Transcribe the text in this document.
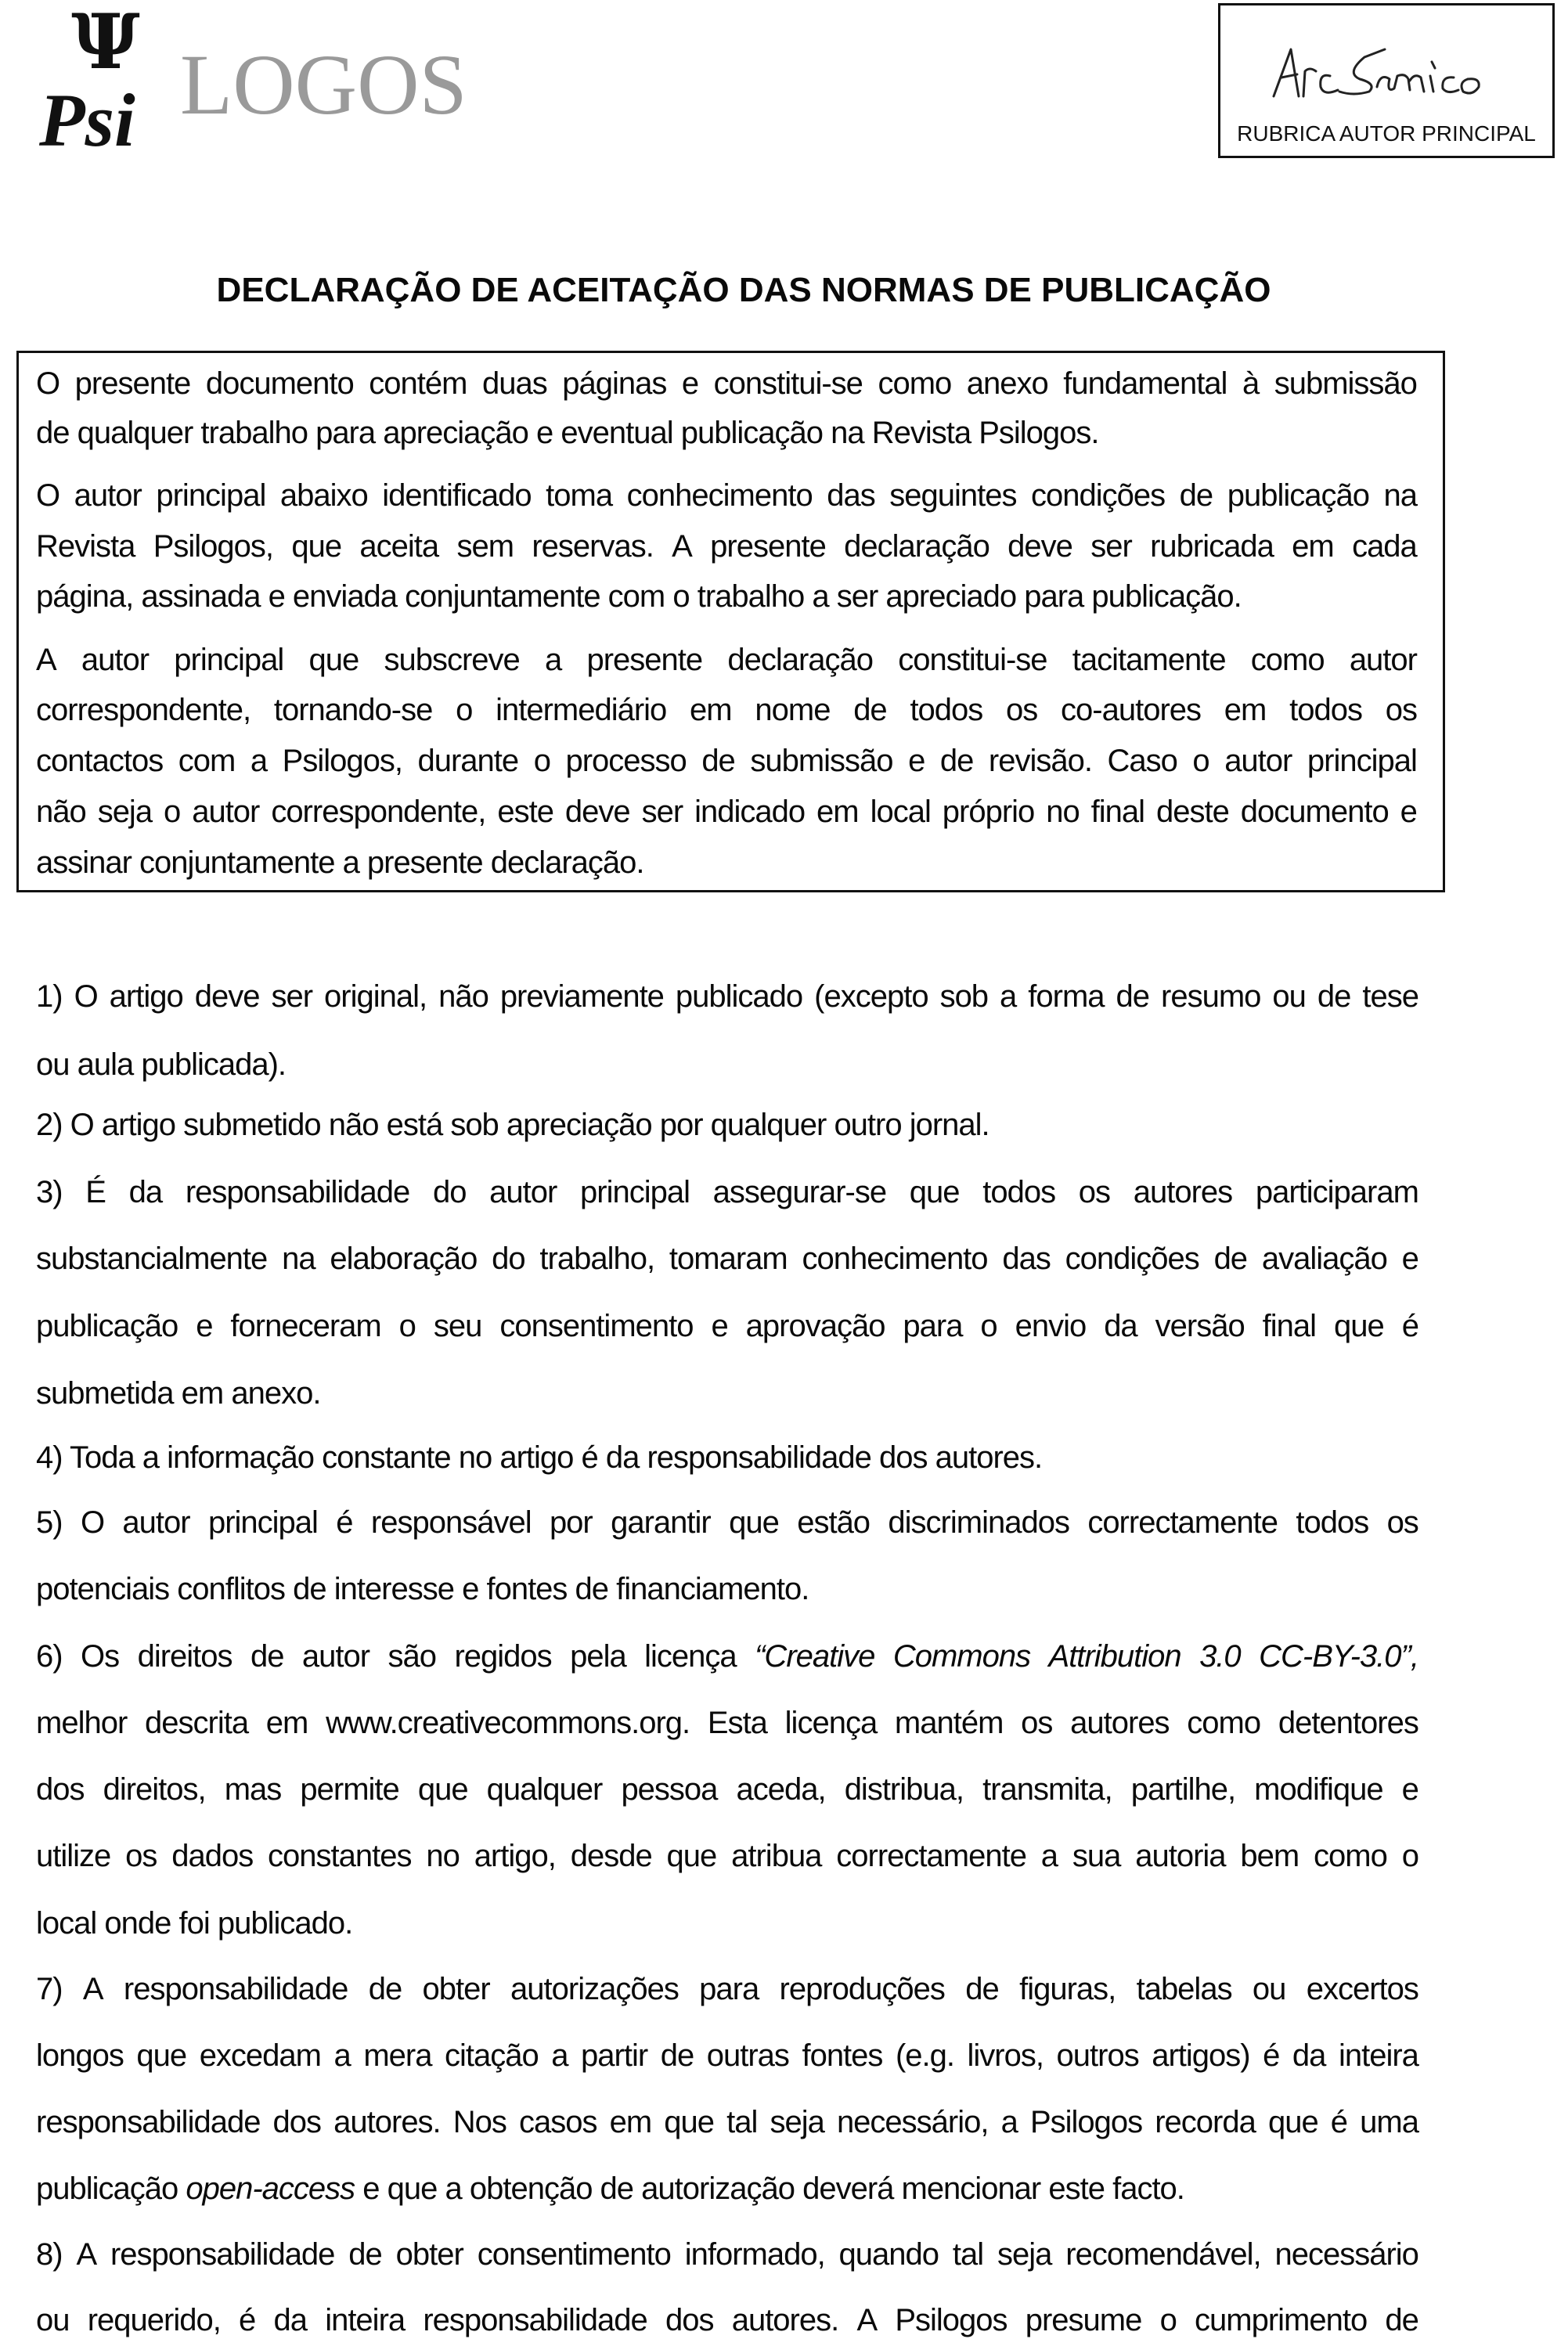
Ψ
Psi LOGOS
RUBRICA AUTOR PRINCIPAL
DECLARAÇÃO DE ACEITAÇÃO DAS NORMAS DE PUBLICAÇÃO
O presente documento contém duas páginas e constitui-se como anexo fundamental à submissão
de qualquer trabalho para apreciação e eventual publicação na Revista Psilogos.
O autor principal abaixo identificado toma conhecimento das seguintes condições de publicação na
Revista Psilogos, que aceita sem reservas. A presente declaração deve ser rubricada em cada
página, assinada e enviada conjuntamente com o trabalho a ser apreciado para publicação.
A autor principal que subscreve a presente declaração constitui-se tacitamente como autor
correspondente, tornando-se o intermediário em nome de todos os co-autores em todos os
contactos com a Psilogos, durante o processo de submissão e de revisão. Caso o autor principal
não seja o autor correspondente, este deve ser indicado em local próprio no final deste documento e
assinar conjuntamente a presente declaração.
1) O artigo deve ser original, não previamente publicado (excepto sob a forma de resumo ou de tese
ou aula publicada).
2) O artigo submetido não está sob apreciação por qualquer outro jornal.
3) É da responsabilidade do autor principal assegurar-se que todos os autores participaram
substancialmente na elaboração do trabalho, tomaram conhecimento das condições de avaliação e
publicação e forneceram o seu consentimento e aprovação para o envio da versão final que é
submetida em anexo.
4) Toda a informação constante no artigo é da responsabilidade dos autores.
5) O autor principal é responsável por garantir que estão discriminados correctamente todos os
potenciais conflitos de interesse e fontes de financiamento.
6) Os direitos de autor são regidos pela licença “Creative Commons Attribution 3.0 CC-BY-3.0”,
melhor descrita em www.creativecommons.org. Esta licença mantém os autores como detentores
dos direitos, mas permite que qualquer pessoa aceda, distribua, transmita, partilhe, modifique e
utilize os dados constantes no artigo, desde que atribua correctamente a sua autoria bem como o
local onde foi publicado.
7) A responsabilidade de obter autorizações para reproduções de figuras, tabelas ou excertos
longos que excedam a mera citação a partir de outras fontes (e.g. livros, outros artigos) é da inteira
responsabilidade dos autores. Nos casos em que tal seja necessário, a Psilogos recorda que é uma
publicação open-access e que a obtenção de autorização deverá mencionar este facto.
8) A responsabilidade de obter consentimento informado, quando tal seja recomendável, necessário
ou requerido, é da inteira responsabilidade dos autores. A Psilogos presume o cumprimento de
